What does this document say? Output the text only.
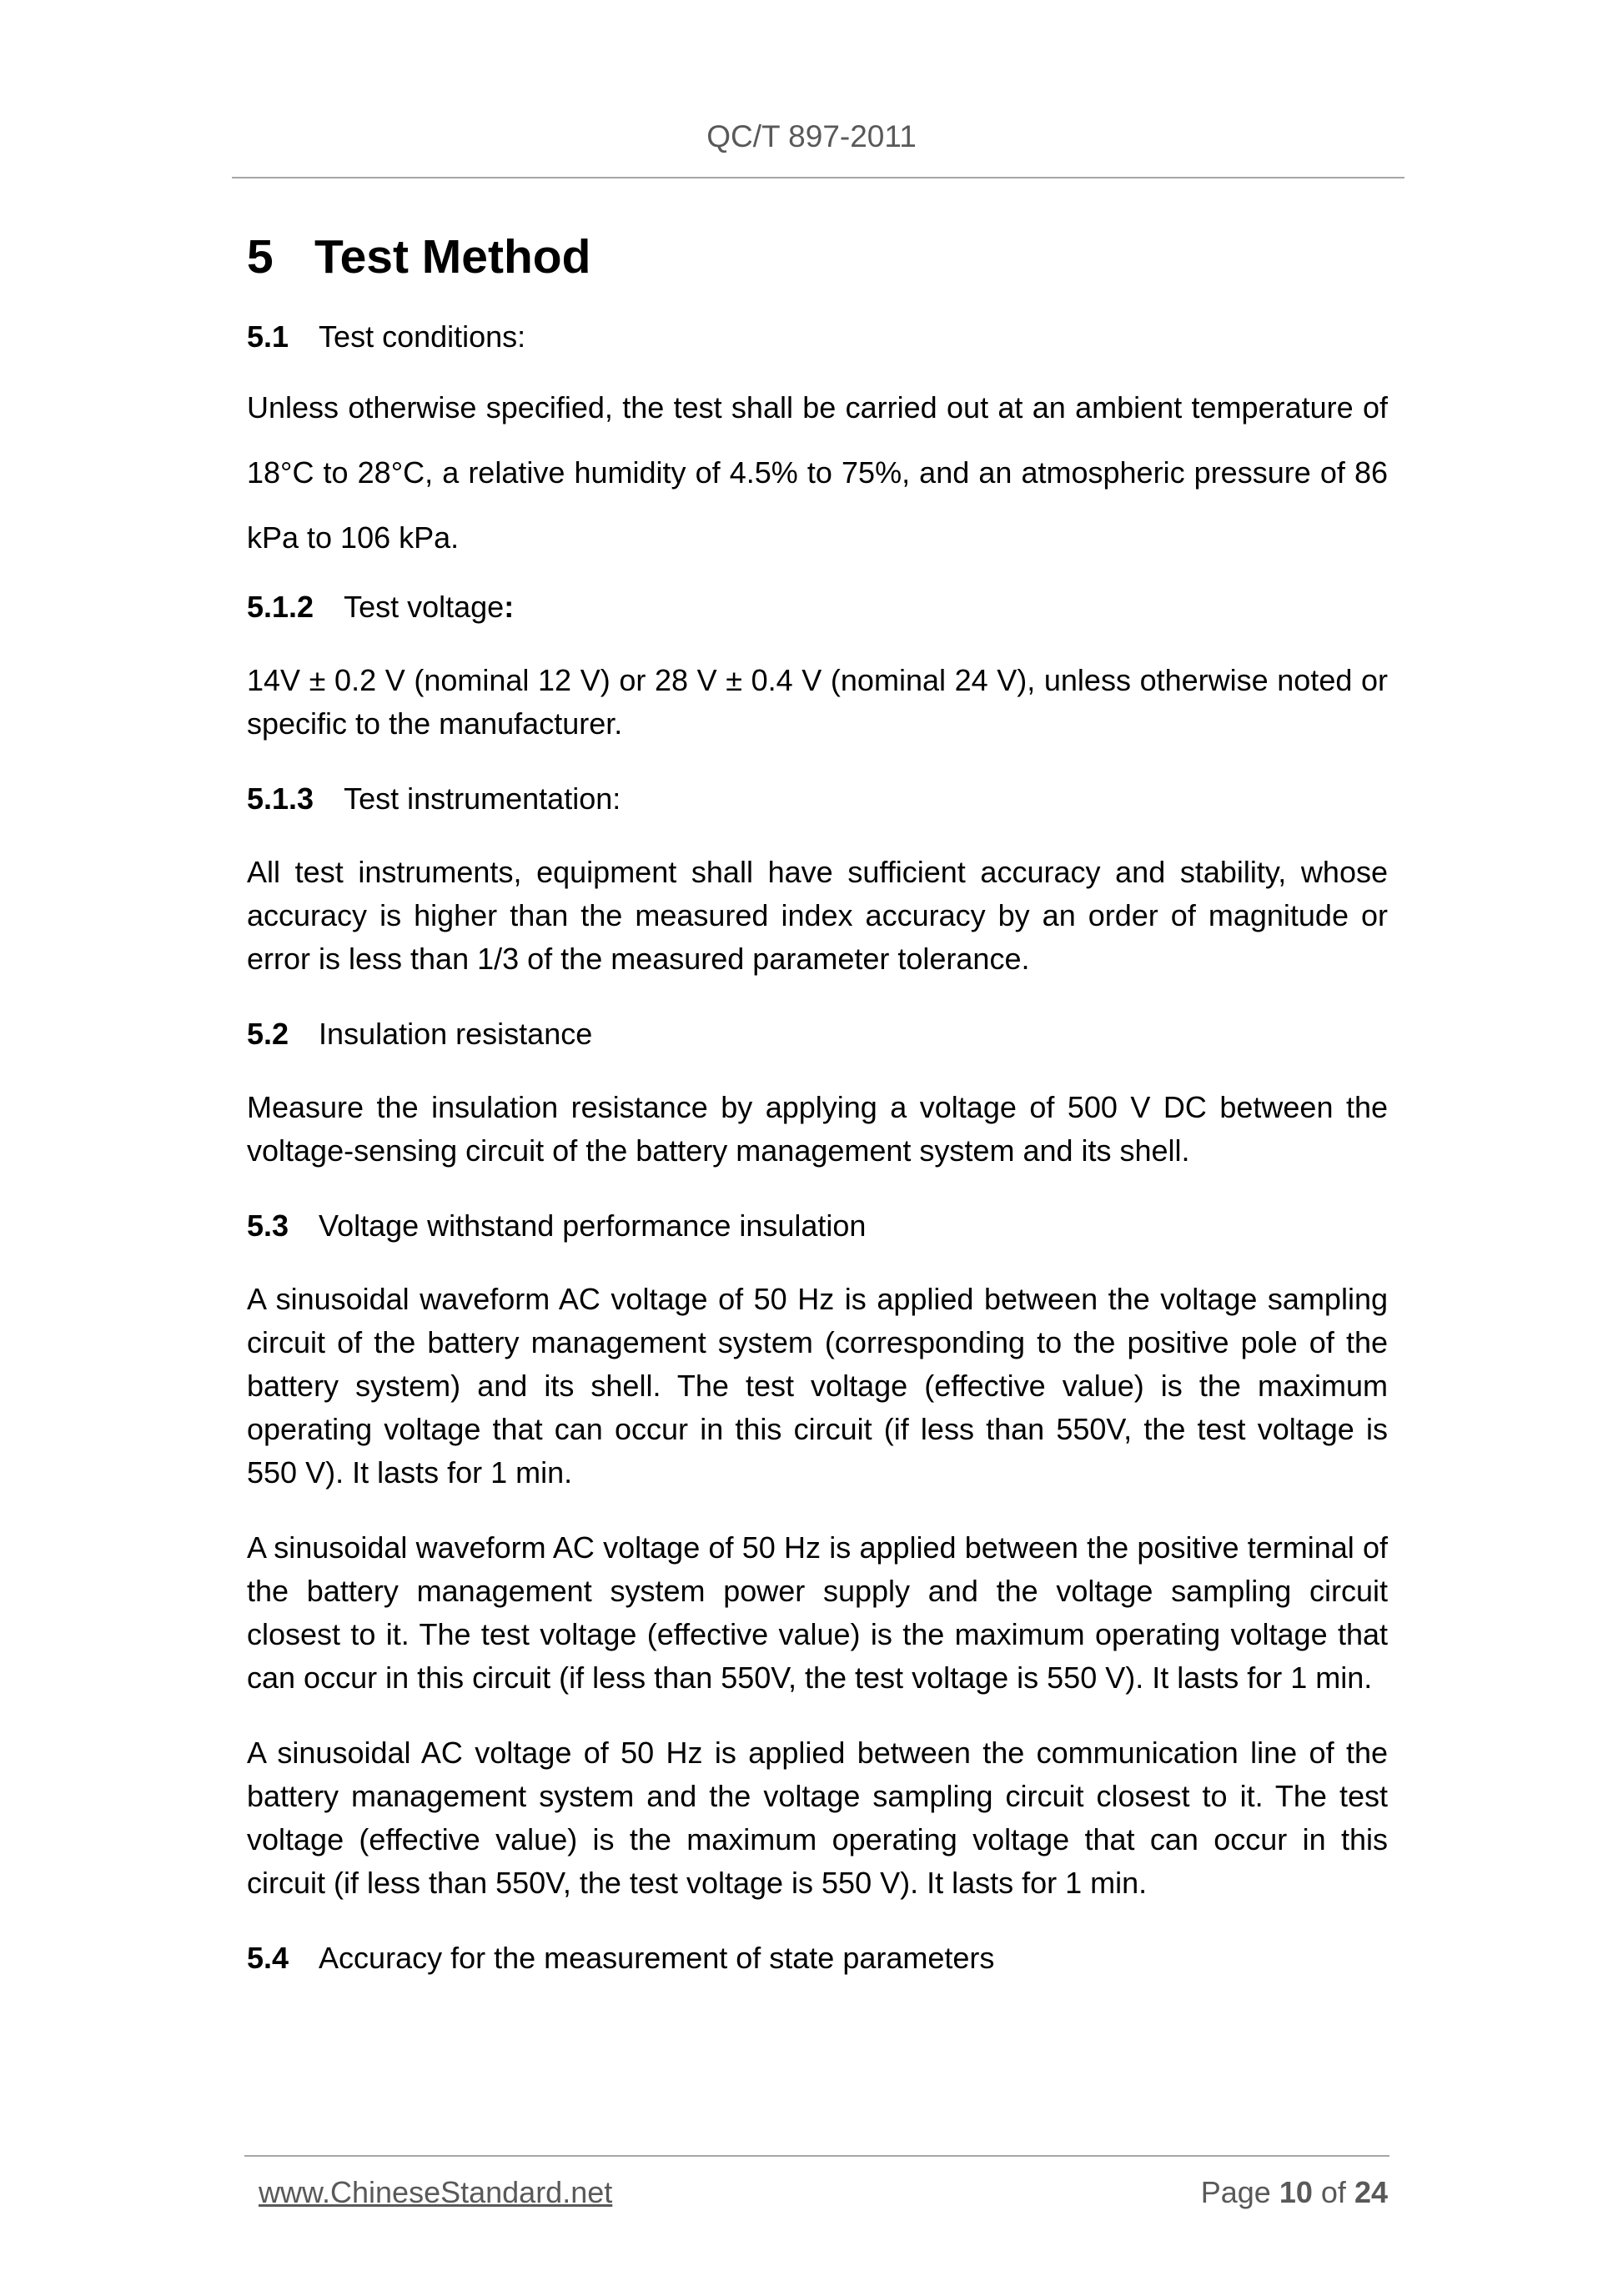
QC/T 897-2011
5 Test Method
5.1 Test conditions:
Unless otherwise specified, the test shall be carried out at an ambient temperature of 18°C to 28°C, a relative humidity of 4.5% to 75%, and an atmospheric pressure of 86 kPa to 106 kPa.
5.1.2 Test voltage:
14V ± 0.2 V (nominal 12 V) or 28 V ± 0.4 V (nominal 24 V), unless otherwise noted or specific to the manufacturer.
5.1.3 Test instrumentation:
All test instruments, equipment shall have sufficient accuracy and stability, whose accuracy is higher than the measured index accuracy by an order of magnitude or error is less than 1/3 of the measured parameter tolerance.
5.2 Insulation resistance
Measure the insulation resistance by applying a voltage of 500 V DC between the voltage-sensing circuit of the battery management system and its shell.
5.3 Voltage withstand performance insulation
A sinusoidal waveform AC voltage of 50 Hz is applied between the voltage sampling circuit of the battery management system (corresponding to the positive pole of the battery system) and its shell. The test voltage (effective value) is the maximum operating voltage that can occur in this circuit (if less than 550V, the test voltage is 550 V). It lasts for 1 min.
A sinusoidal waveform AC voltage of 50 Hz is applied between the positive terminal of the battery management system power supply and the voltage sampling circuit closest to it. The test voltage (effective value) is the maximum operating voltage that can occur in this circuit (if less than 550V, the test voltage is 550 V). It lasts for 1 min.
A sinusoidal AC voltage of 50 Hz is applied between the communication line of the battery management system and the voltage sampling circuit closest to it. The test voltage (effective value) is the maximum operating voltage that can occur in this circuit (if less than 550V, the test voltage is 550 V). It lasts for 1 min.
5.4 Accuracy for the measurement of state parameters
www.ChineseStandard.net	Page 10 of 24
